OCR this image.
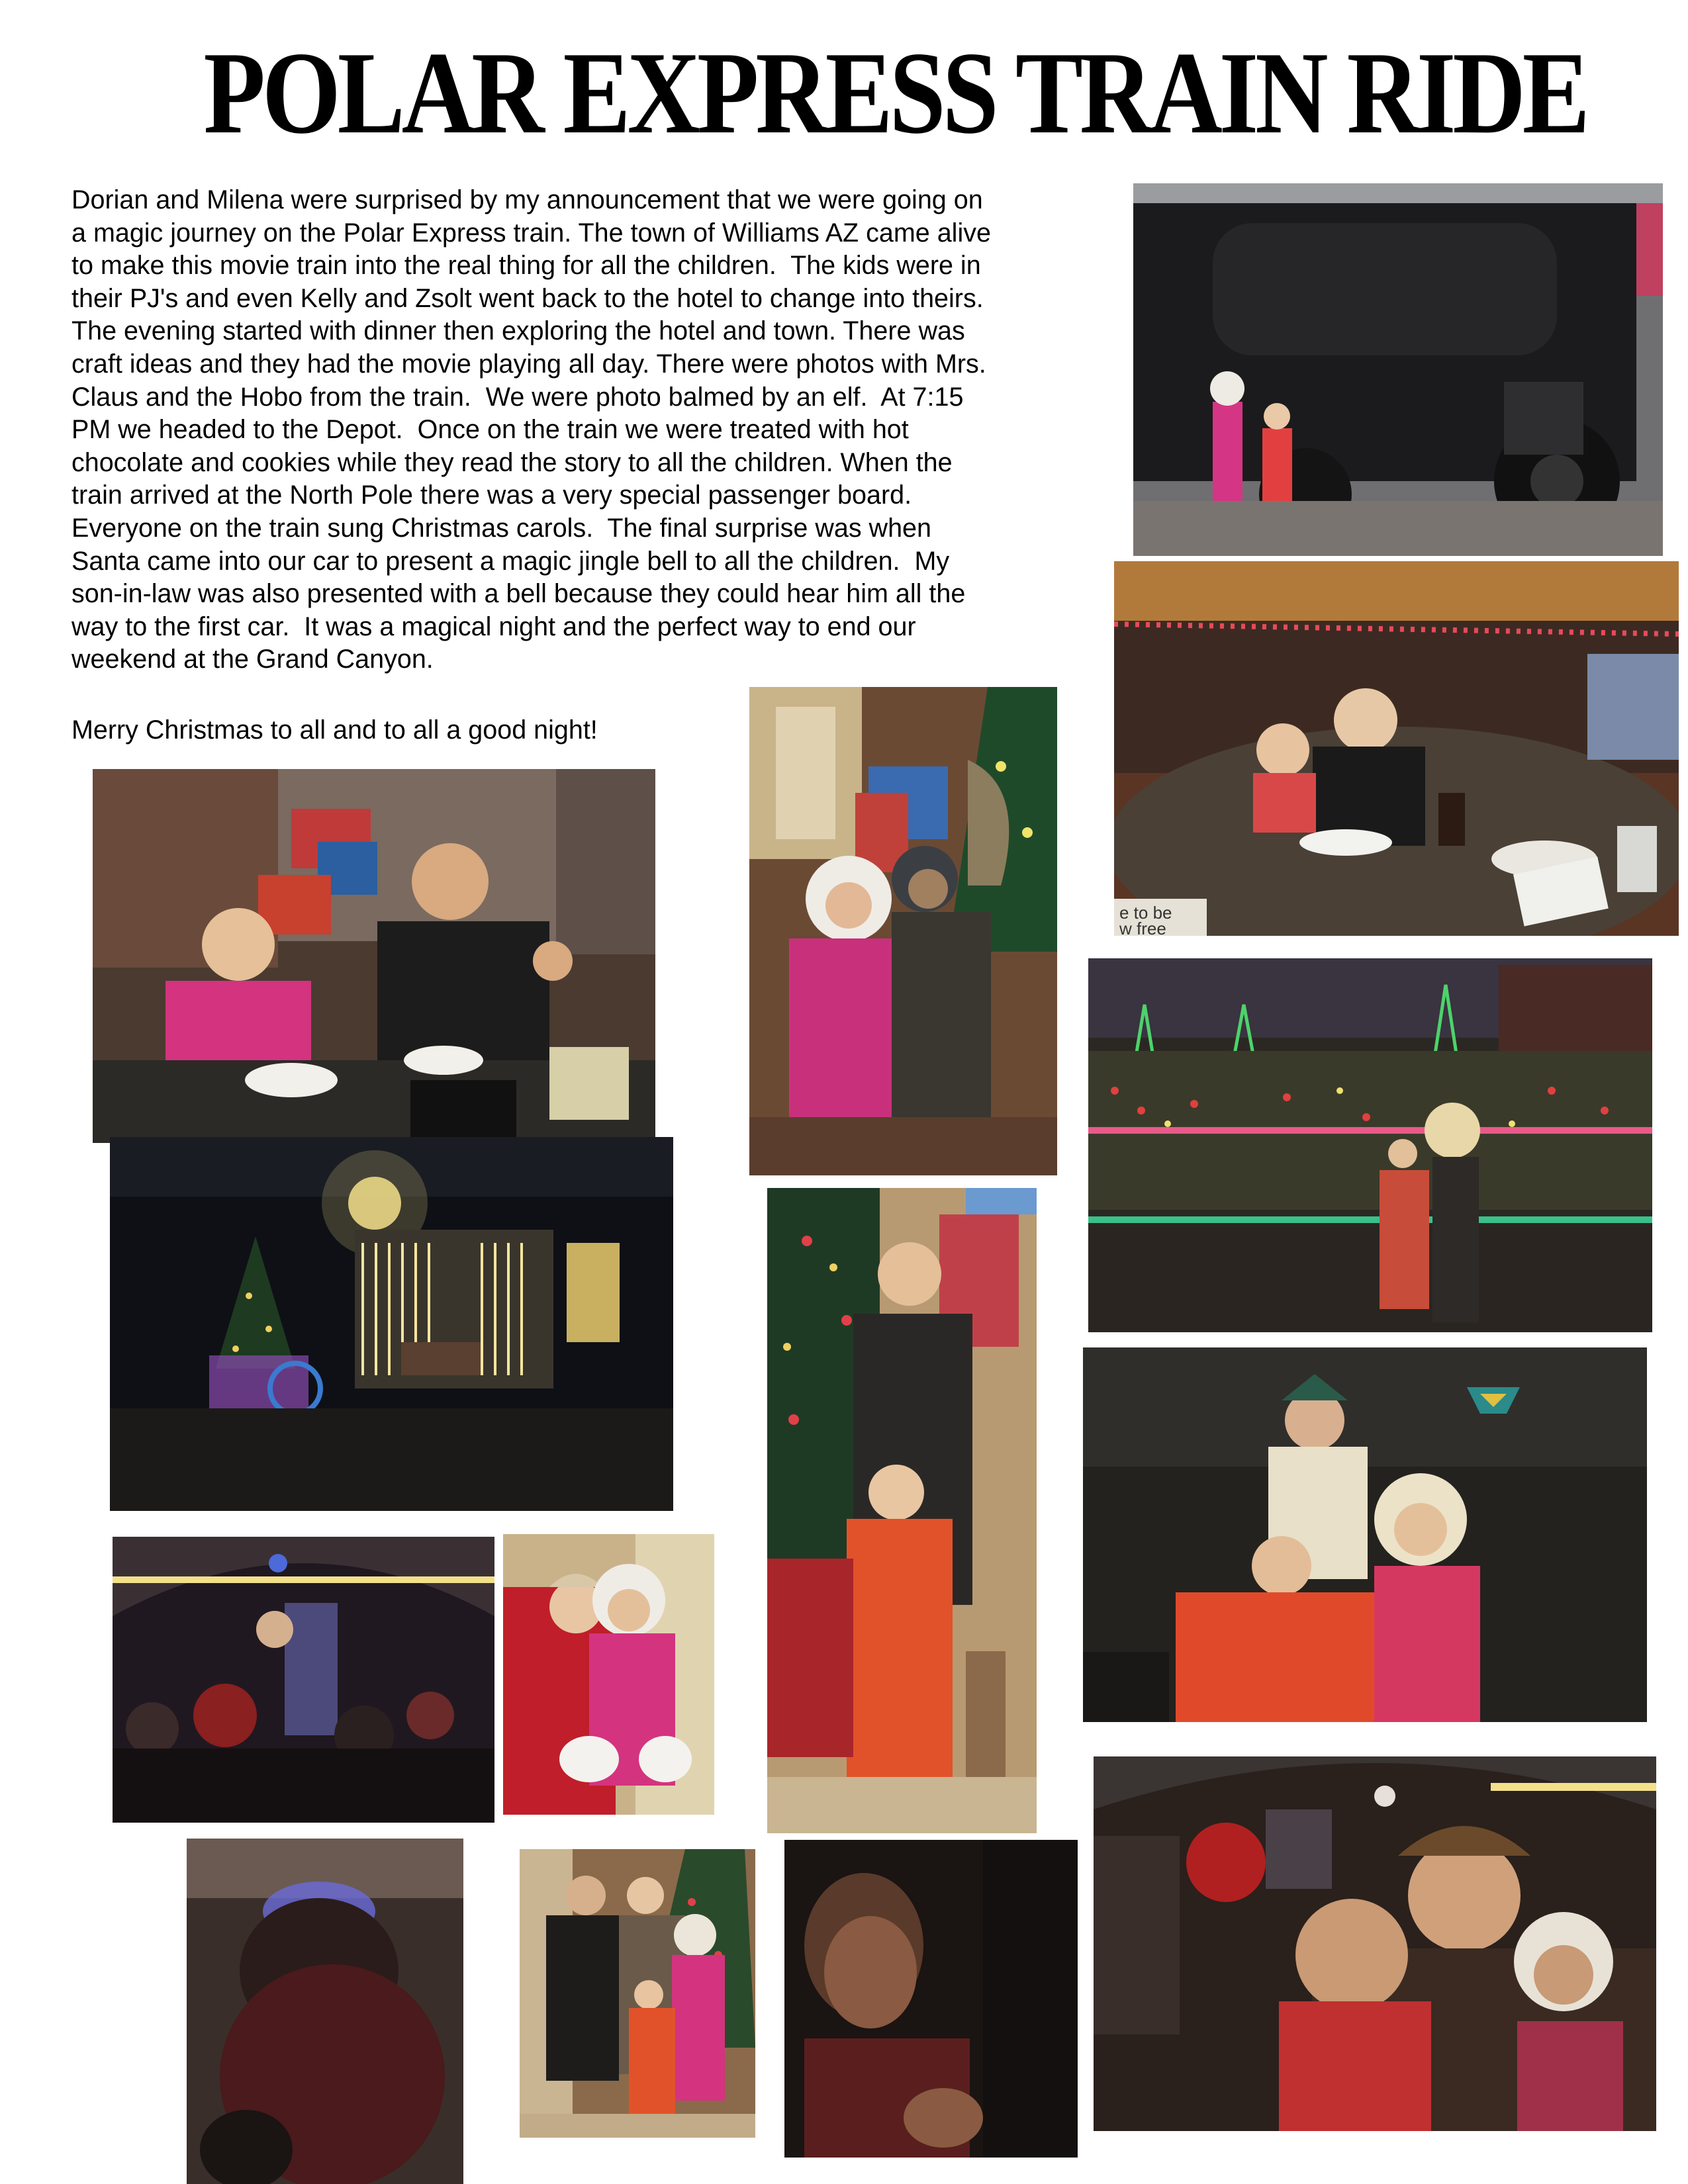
POLAR EXPRESS TRAIN RIDE

Dorian and Milena were surprised by my announcement that we were going on
a magic journey on the Polar Express train. The town of Williams AZ came alive
to make this movie train into the real thing for all the children.  The kids were in
their PJ's and even Kelly and Zsolt went back to the hotel to change into theirs.
The evening started with dinner then exploring the hotel and town. There was
craft ideas and they had the movie playing all day. There were photos with Mrs.
Claus and the Hobo from the train.  We were photo balmed by an elf.  At 7:15
PM we headed to the Depot.  Once on the train we were treated with hot
chocolate and cookies while they read the story to all the children. When the
train arrived at the North Pole there was a very special passenger board.
Everyone on the train sung Christmas carols.  The final surprise was when
Santa came into our car to present a magic jingle bell to all the children.  My
son-in-law was also presented with a bell because they could hear him all the
way to the first car.  It was a magical night and the perfect way to end our
weekend at the Grand Canyon.

Merry Christmas to all and to all a good night!

e to be
w free
